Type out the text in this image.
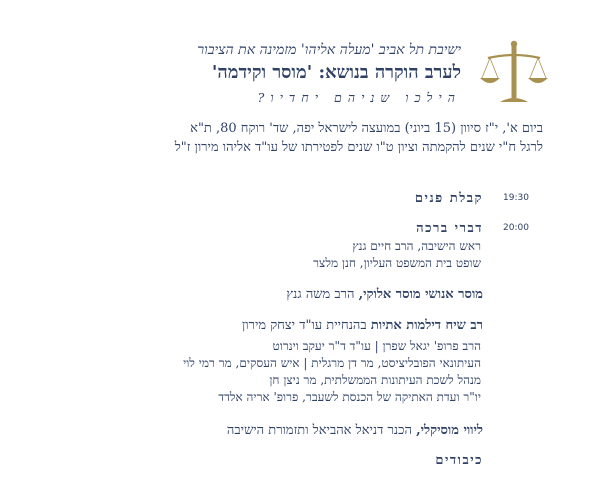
ישיבת תל אביב 'מעלה אליהו' מזמינה את הציבור
לערב הוקרה בנושא: 'מוסר וקידמה'
הילכו שניהם יחדיו?
ביום א', י"ז סיוון (15 ביוני) במועצה לישראל יפה, שד' רוקח 80, ת"א
לרגל ח"י שנים להקמתה וציון ט"ו שנים לפטירתו של עו"ד אליהו מירון ז"ל
19:30
קבלת פנים
20:00
דברי ברכה
ראש הישיבה, הרב חיים גנץ
שופט בית המשפט העליון, חנן מלצר
מוסר אנושי מוסר אלוקי, הרב משה גנץ
רב שיח דילמות אתיות בהנחיית עו"ד יצחק מירון
הרב פרופ' יגאל שפרן | עו"ד ד"ר יעקב וינרוט
העיתונאי הפובליציסט, מר דן מרגלית | איש העסקים, מר רמי לוי
מנהל לשכת העיתונות הממשלתית, מר ניצן חן
יו"ר ועדת האתיקה של הכנסת לשעבר, פרופ' אריה אלדד
ליווי מוסיקלי, הכנר דניאל אהביאל ותזמורת הישיבה
כיבודים
